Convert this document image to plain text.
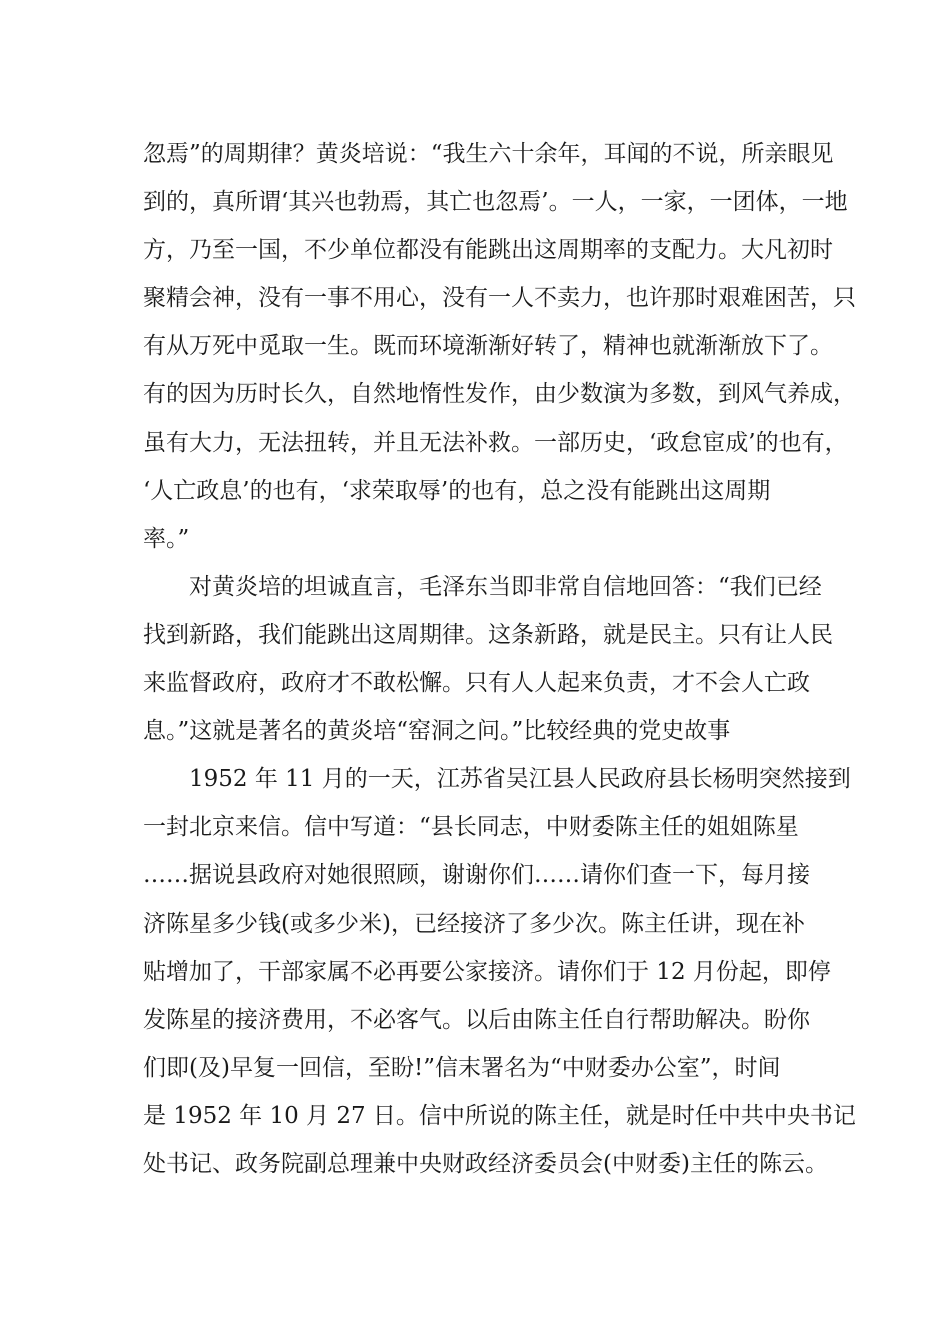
忽焉”的周期律？黄炎培说：“我生六十余年，耳闻的不说，所亲眼见
到的，真所谓‘其兴也勃焉，其亡也忽焉’。一人，一家，一团体，一地
方，乃至一国，不少单位都没有能跳出这周期率的支配力。大凡初时
聚精会神，没有一事不用心，没有一人不卖力，也许那时艰难困苦，只
有从万死中觅取一生。既而环境渐渐好转了，精神也就渐渐放下了。
有的因为历时长久，自然地惰性发作，由少数演为多数，到风气养成，
虽有大力，无法扭转，并且无法补救。一部历史，‘政怠宦成’的也有，
‘人亡政息’的也有，‘求荣取辱’的也有，总之没有能跳出这周期
率。”
对黄炎培的坦诚直言，毛泽东当即非常自信地回答：“我们已经
找到新路，我们能跳出这周期律。这条新路，就是民主。只有让人民
来监督政府，政府才不敢松懈。只有人人起来负责，才不会人亡政
息。”这就是著名的黄炎培“窑洞之问。”比较经典的党史故事
1952 年 11 月的一天，江苏省吴江县人民政府县长杨明突然接到
一封北京来信。信中写道：“县长同志，中财委陈主任的姐姐陈星
……据说县政府对她很照顾，谢谢你们……请你们查一下，每月接
济陈星多少钱(或多少米)，已经接济了多少次。陈主任讲，现在补
贴增加了，干部家属不必再要公家接济。请你们于 12 月份起，即停
发陈星的接济费用，不必客气。以后由陈主任自行帮助解决。盼你
们即(及)早复一回信，至盼!”信末署名为“中财委办公室”，时间
是 1952 年 10 月 27 日。信中所说的陈主任，就是时任中共中央书记
处书记、政务院副总理兼中央财政经济委员会(中财委)主任的陈云。
